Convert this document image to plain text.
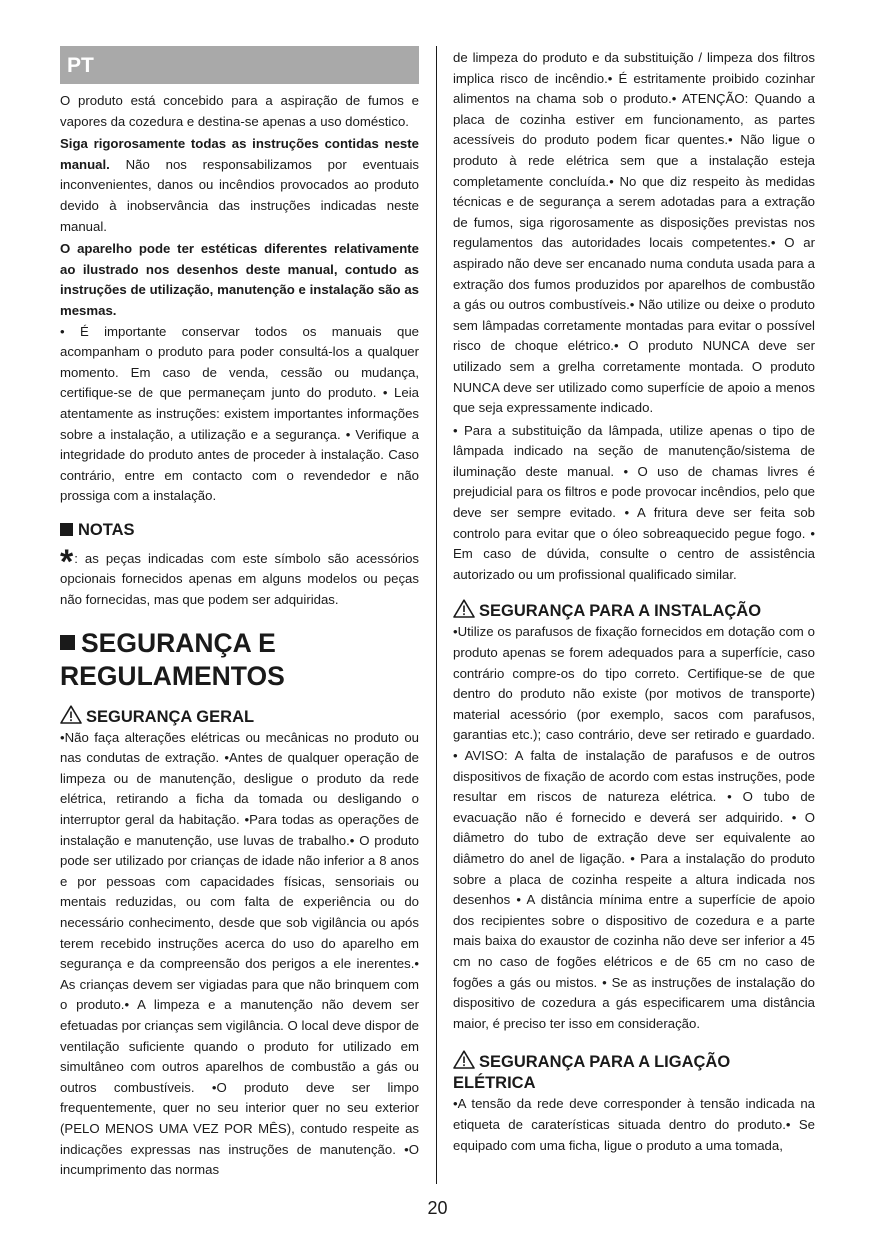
PT

O produto está concebido para a aspiração de fumos e vapores da cozedura e destina-se apenas a uso doméstico.

Siga rigorosamente todas as instruções contidas neste manual. Não nos responsabilizamos por eventuais inconvenientes, danos ou incêndios provocados ao produto devido à inobservância das instruções indicadas neste manual.

O aparelho pode ter estéticas diferentes relativamente ao ilustrado nos desenhos deste manual, contudo as instruções de utilização, manutenção e instalação são as mesmas.

• É importante conservar todos os manuais que acompanham o produto para poder consultá-los a qualquer momento. Em caso de venda, cessão ou mudança, certifique-se de que permaneçam junto do produto. • Leia atentamente as instruções: existem importantes informações sobre a instalação, a utilização e a segurança. • Verifique a integridade do produto antes de proceder à instalação. Caso contrário, entre em contacto com o revendedor e não prossiga com a instalação.

NOTAS

*: as peças indicadas com este símbolo são acessórios opcionais fornecidos apenas em alguns modelos ou peças não fornecidas, mas que podem ser adquiridas.

SEGURANÇA E REGULAMENTOS
SEGURANÇA GERAL

•Não faça alterações elétricas ou mecânicas no produto ou nas condutas de extração. •Antes de qualquer operação de limpeza ou de manutenção, desligue o produto da rede elétrica, retirando a ficha da tomada ou desligando o interruptor geral da habitação. •Para todas as operações de instalação e manutenção, use luvas de trabalho.• O produto pode ser utilizado por crianças de idade não inferior a 8 anos e por pessoas com capacidades físicas, sensoriais ou mentais reduzidas, ou com falta de experiência ou do necessário conhecimento, desde que sob vigilância ou após terem recebido instruções acerca do uso do aparelho em segurança e da compreensão dos perigos a ele inerentes.• As crianças devem ser vigiadas para que não brinquem com o produto.• A limpeza e a manutenção não devem ser efetuadas por crianças sem vigilância. O local deve dispor de ventilação suficiente quando o produto for utilizado em simultâneo com outros aparelhos de combustão a gás ou outros combustíveis. •O produto deve ser limpo frequentemente, quer no seu interior quer no seu exterior (PELO MENOS UMA VEZ POR MÊS), contudo respeite as indicações expressas nas instruções de manutenção. •O incumprimento das normas

de limpeza do produto e da substituição / limpeza dos filtros implica risco de incêndio.• É estritamente proibido cozinhar alimentos na chama sob o produto.• ATENÇÃO: Quando a placa de cozinha estiver em funcionamento, as partes acessíveis do produto podem ficar quentes.• Não ligue o produto à rede elétrica sem que a instalação esteja completamente concluída.• No que diz respeito às medidas técnicas e de segurança a serem adotadas para a extração de fumos, siga rigorosamente as disposições previstas nos regulamentos das autoridades locais competentes.• O ar aspirado não deve ser encanado numa conduta usada para a extração dos fumos produzidos por aparelhos de combustão a gás ou outros combustíveis.• Não utilize ou deixe o produto sem lâmpadas corretamente montadas para evitar o possível risco de choque elétrico.• O produto NUNCA deve ser utilizado sem a grelha corretamente montada. O produto NUNCA deve ser utilizado como superfície de apoio a menos que seja expressamente indicado.

• Para a substituição da lâmpada, utilize apenas o tipo de lâmpada indicado na seção de manutenção/sistema de iluminação deste manual. • O uso de chamas livres é prejudicial para os filtros e pode provocar incêndios, pelo que deve ser sempre evitado. • A fritura deve ser feita sob controlo para evitar que o óleo sobreaquecido pegue fogo. • Em caso de dúvida, consulte o centro de assistência autorizado ou um profissional qualificado similar.

SEGURANÇA PARA A INSTALAÇÃO

•Utilize os parafusos de fixação fornecidos em dotação com o produto apenas se forem adequados para a superfície, caso contrário compre-os do tipo correto. Certifique-se de que dentro do produto não existe (por motivos de transporte) material acessório (por exemplo, sacos com parafusos, garantias etc.); caso contrário, deve ser retirado e guardado. • AVISO: A falta de instalação de parafusos e de outros dispositivos de fixação de acordo com estas instruções, pode resultar em riscos de natureza elétrica. • O tubo de evacuação não é fornecido e deverá ser adquirido. • O diâmetro do tubo de extração deve ser equivalente ao diâmetro do anel de ligação. • Para a instalação do produto sobre a placa de cozinha respeite a altura indicada nos desenhos • A distância mínima entre a superfície de apoio dos recipientes sobre o dispositivo de cozedura e a parte mais baixa do exaustor de cozinha não deve ser inferior a 45 cm no caso de fogões elétricos e de 65 cm no caso de fogões a gás ou mistos. • Se as instruções de instalação do dispositivo de cozedura a gás especificarem uma distância maior, é preciso ter isso em consideração.

SEGURANÇA PARA A LIGAÇÃO ELÉTRICA

•A tensão da rede deve corresponder à tensão indicada na etiqueta de caraterísticas situada dentro do produto.• Se equipado com uma ficha, ligue o produto a uma tomada,

20
